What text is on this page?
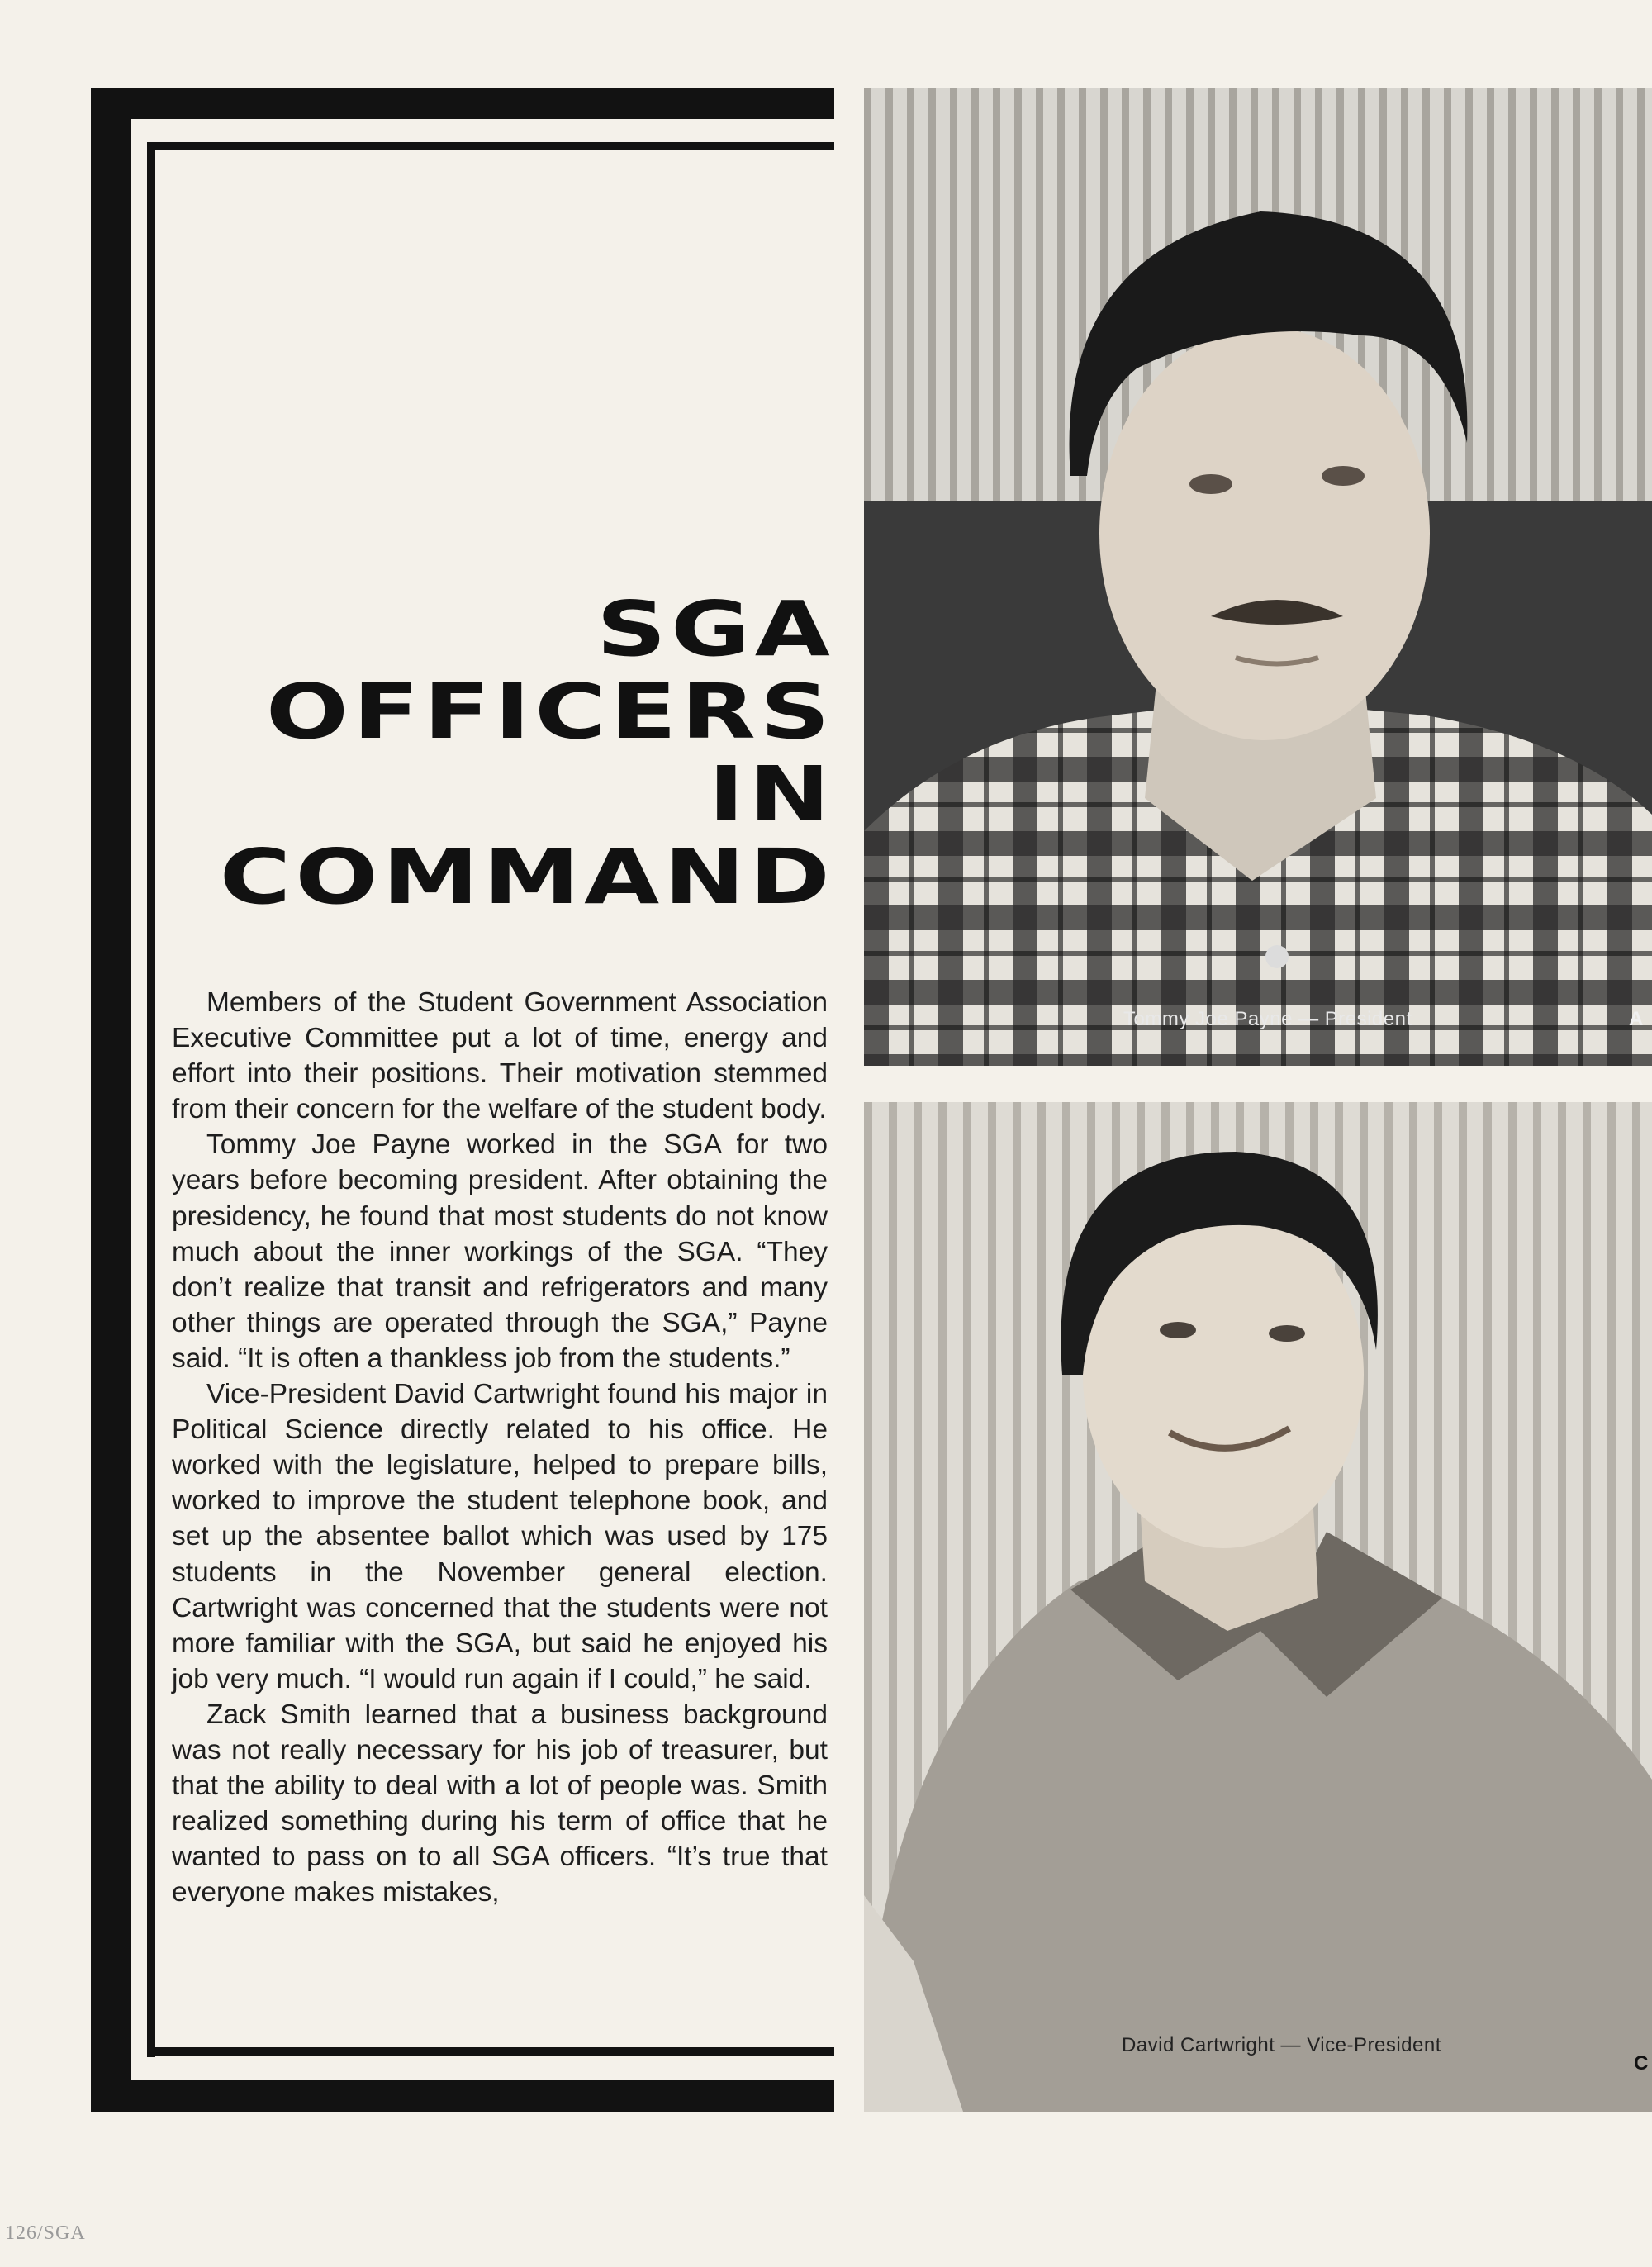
SGA
OFFICERS
IN
COMMAND

Members of the Student Government Association Executive Committee put a lot of time, energy and effort into their positions. Their motivation stemmed from their concern for the welfare of the student body.

Tommy Joe Payne worked in the SGA for two years before becoming president. After obtaining the presidency, he found that most students do not know much about the inner workings of the SGA. “They don’t realize that transit and refrigerators and many other things are operated through the SGA,” Payne said. “It is often a thankless job from the students.”

Vice-President David Cartwright found his major in Political Science directly related to his office. He worked with the legislature, helped to prepare bills, worked to improve the student telephone book, and set up the absentee ballot which was used by 175 students in the November general election. Cartwright was concerned that the students were not more familiar with the SGA, but said he enjoyed his job very much. “I would run again if I could,” he said.

Zack Smith learned that a business background was not really necessary for his job of treasurer, but that the ability to deal with a lot of people was. Smith realized something during his term of office that he wanted to pass on to all SGA officers. “It’s true that everyone makes mistakes,

Tommy Joe Payne — President	A
David Cartwright — Vice-President
C
126/SGA
